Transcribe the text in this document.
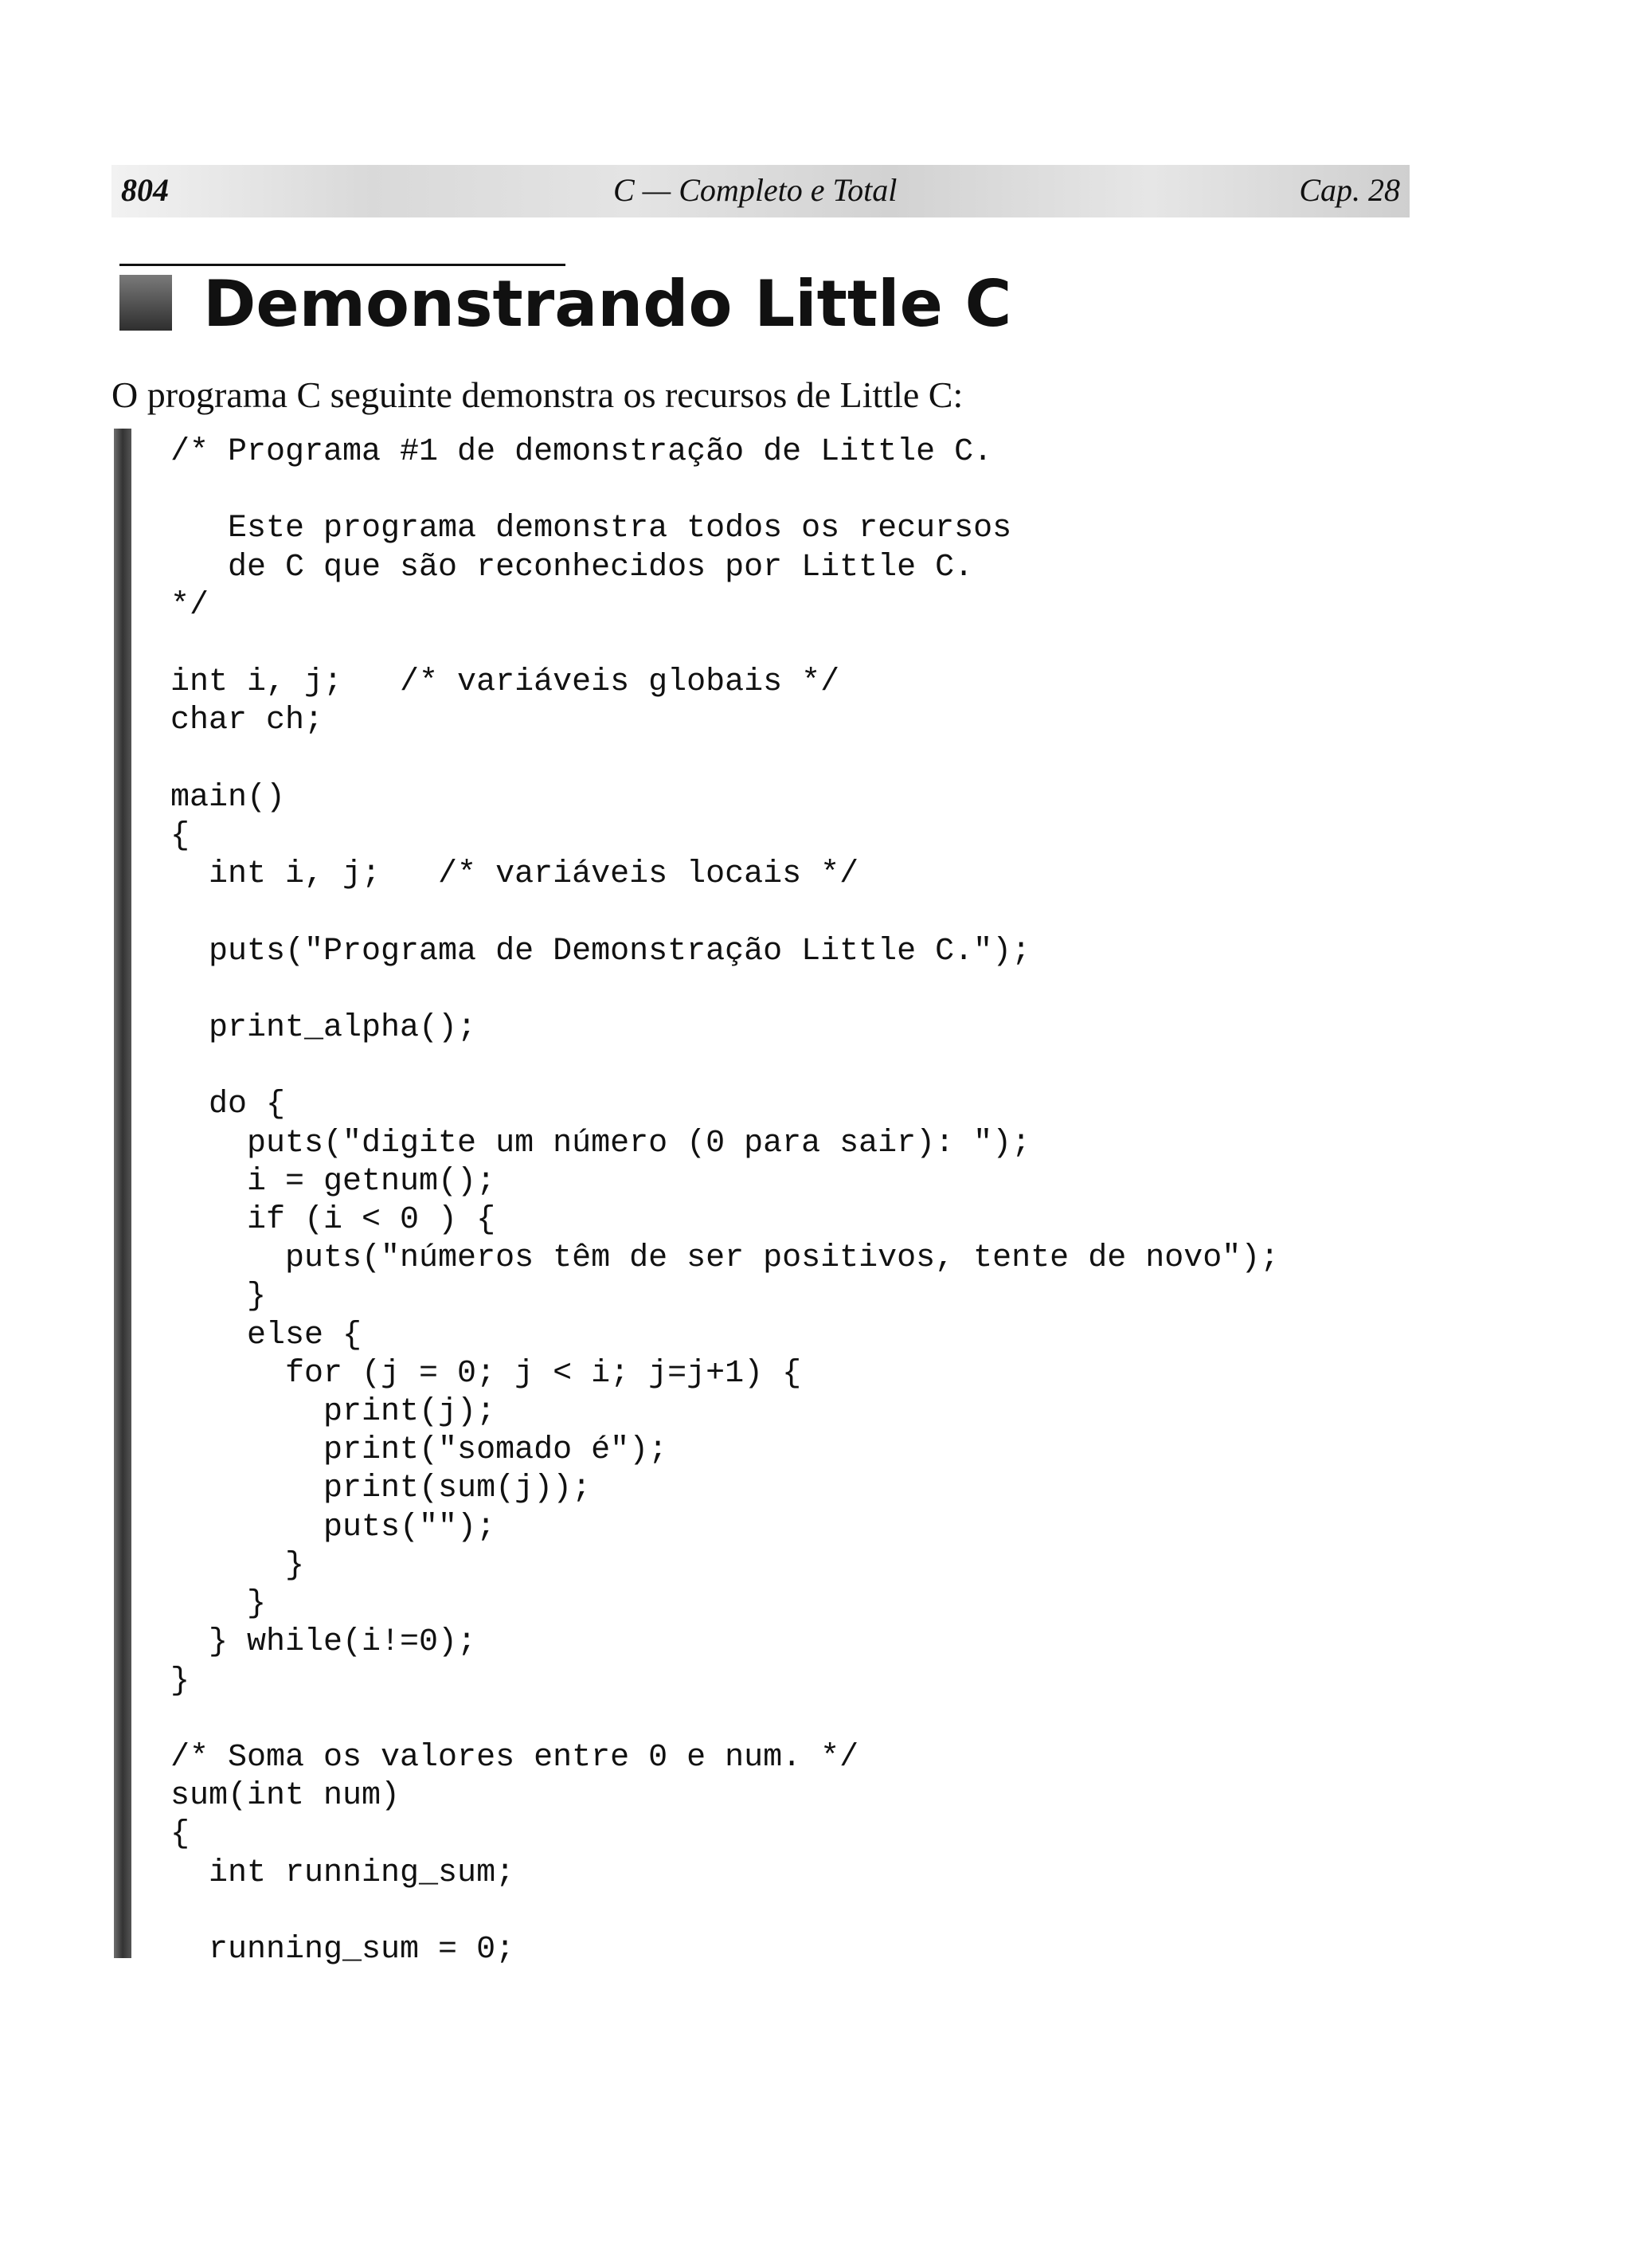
804	C — Completo e Total	Cap. 28
Demonstrando Little C
O programa C seguinte demonstra os recursos de Little C:
/* Programa #1 de demonstração de Little C.

Este programa demonstra todos os recursos
de C que são reconhecidos por Little C.
*/

int i, j;   /* variáveis globais */
char ch;

main()
{
int i, j;   /* variáveis locais */

puts("Programa de Demonstração Little C.");

print_alpha();

do {
puts("digite um número (0 para sair): ");
i = getnum();
if (i < 0 ) {
puts("números têm de ser positivos, tente de novo");
}
else {
for (j = 0; j < i; j=j+1) {
print(j);
print("somado é");
print(sum(j));
puts("");
}
}
} while(i!=0);
}

/* Soma os valores entre 0 e num. */
sum(int num)
{
int running_sum;

running_sum = 0;
